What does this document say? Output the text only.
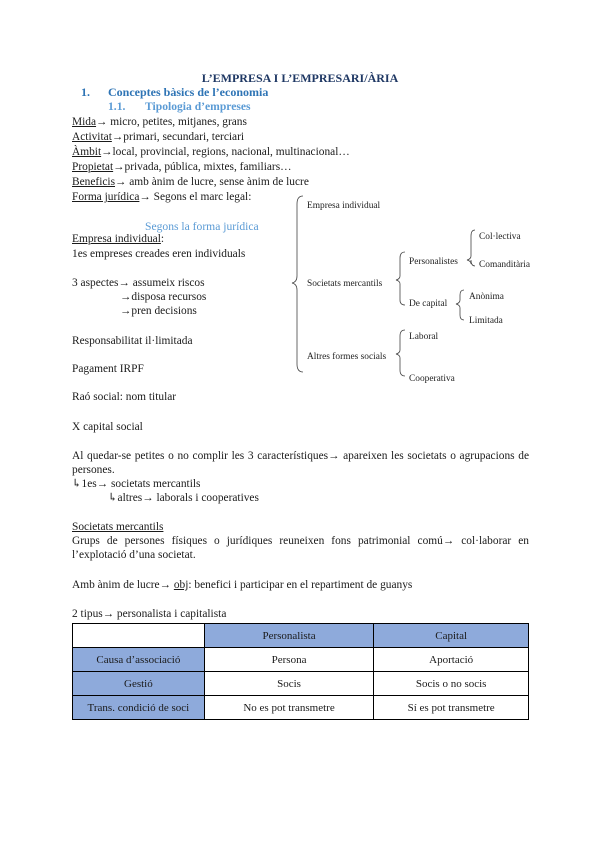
L’EMPRESA I L’EMPRESARI/ÀRIA
1. Conceptes bàsics de l’economia
1.1. Tipologia d’empreses
Mida→ micro, petites, mitjanes, grans
Activitat→primari, secundari, terciari
Àmbit→local, provincial, regions, nacional, multinacional…
Propietat→privada, pública, mixtes, familiars…
Beneficis→ amb ànim de lucre, sense ànim de lucre
Forma jurídica→ Segons el marc legal:
Segons la forma jurídica
Empresa individual
Societats mercantils
Altres formes socials
Personalistes
De capital
Col·lectiva
Comanditària
Anònima
Limitada
Laboral
Cooperativa
Empresa individual:
1es empreses creades eren individuals
3 aspectes→ assumeix riscos
→disposa recursos
→pren decisions
Responsabilitat il·limitada
Pagament IRPF
Raó social: nom titular
X capital social
Al quedar-se petites o no complir les 3 característiques→ apareixen les societats o agrupacions de persones.
↳1es→ societats mercantils
↳altres→ laborals i cooperatives
Societats mercantils
Grups de persones físiques o jurídiques reuneixen fons patrimonial comú→ col·laborar en l’explotació d’una societat.
Amb ànim de lucre→ obj: benefici i participar en el repartiment de guanys
2 tipus→ personalista i capitalista
	Personalista	Capital
Causa d’associació	Persona	Aportació
Gestió	Socis	Socis o no socis
Trans. condició de soci	No es pot transmetre	Sí es pot transmetre
